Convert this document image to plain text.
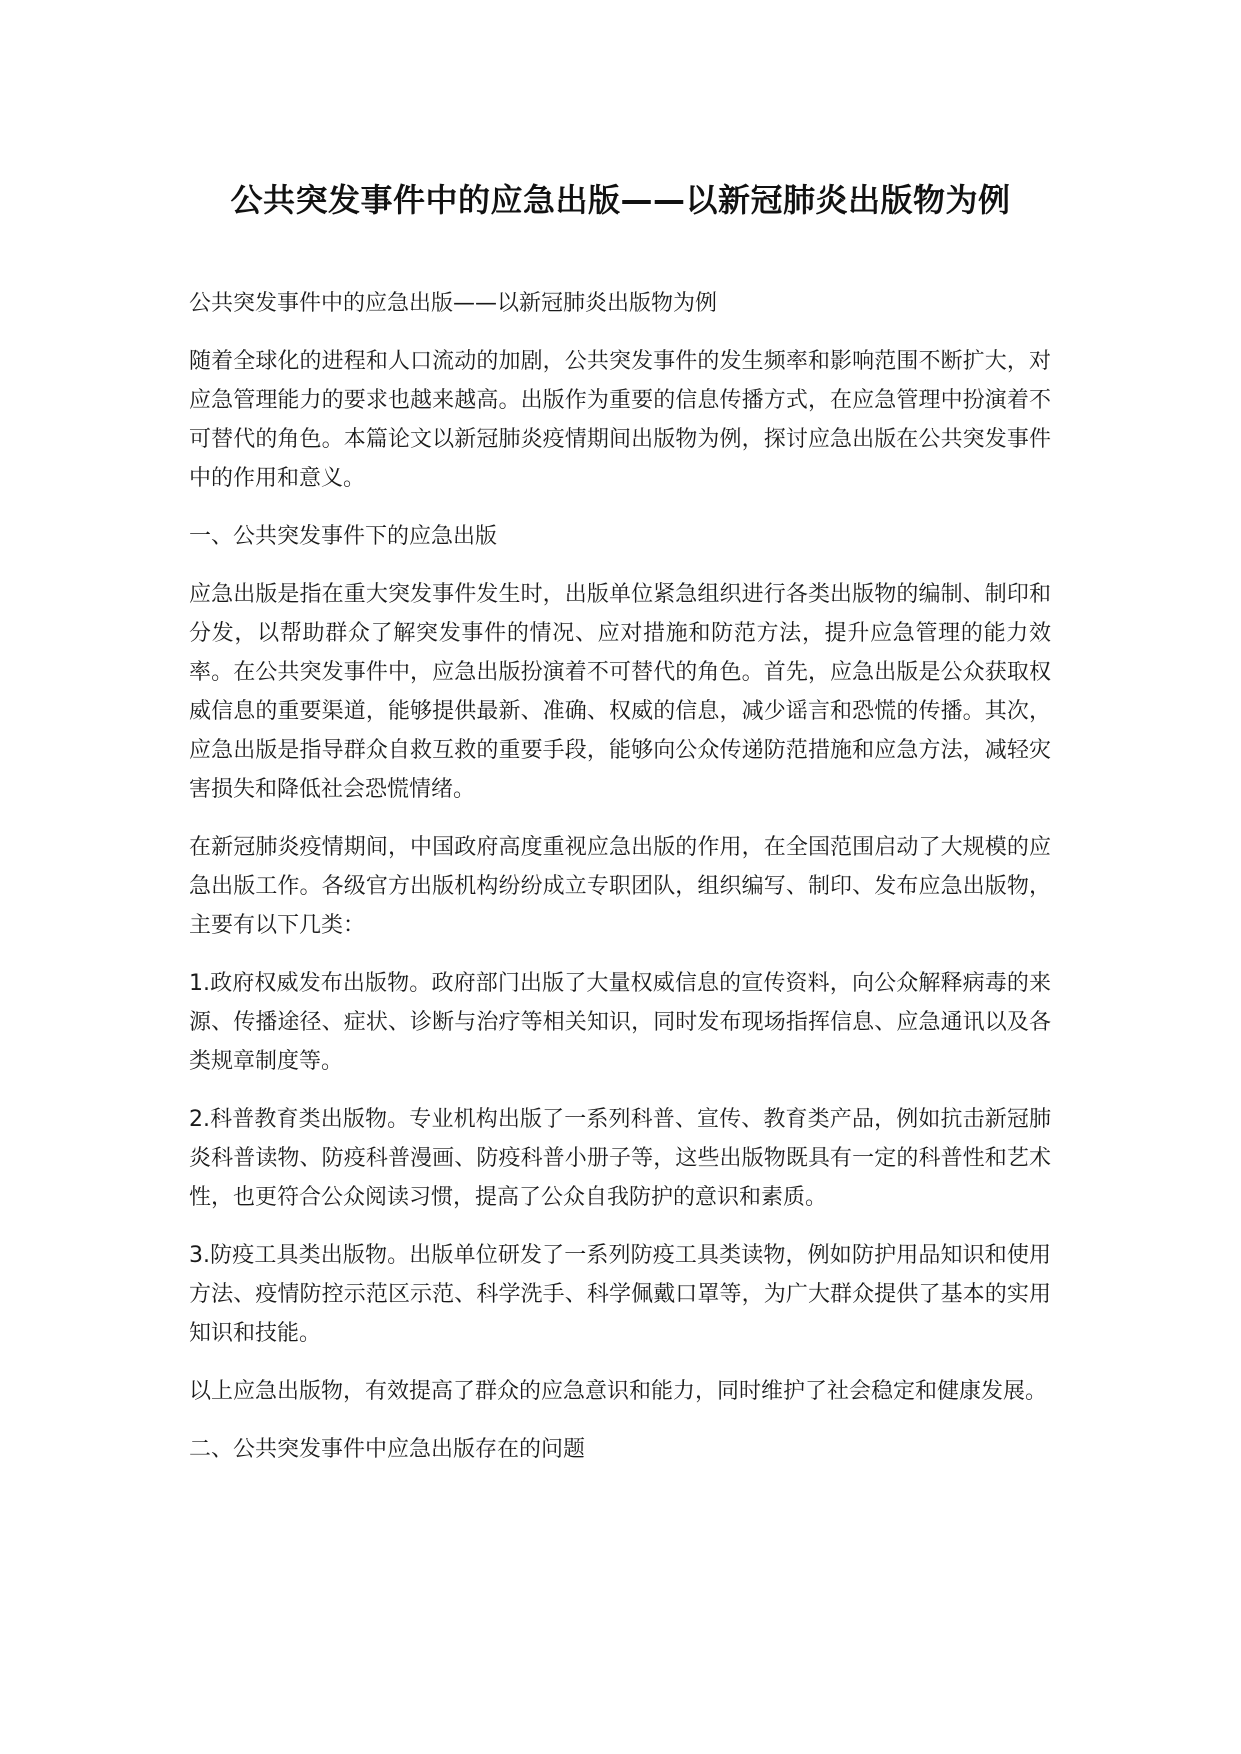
公共突发事件中的应急出版——以新冠肺炎出版物为例

公共突发事件中的应急出版——以新冠肺炎出版物为例

随着全球化的进程和人口流动的加剧，公共突发事件的发生频率和影响范围不断扩大，对应急管理能力的要求也越来越高。出版作为重要的信息传播方式，在应急管理中扮演着不可替代的角色。本篇论文以新冠肺炎疫情期间出版物为例，探讨应急出版在公共突发事件中的作用和意义。

一、公共突发事件下的应急出版

应急出版是指在重大突发事件发生时，出版单位紧急组织进行各类出版物的编制、制印和分发，以帮助群众了解突发事件的情况、应对措施和防范方法，提升应急管理的能力效率。在公共突发事件中，应急出版扮演着不可替代的角色。首先，应急出版是公众获取权威信息的重要渠道，能够提供最新、准确、权威的信息，减少谣言和恐慌的传播。其次，应急出版是指导群众自救互救的重要手段，能够向公众传递防范措施和应急方法，减轻灾害损失和降低社会恐慌情绪。

在新冠肺炎疫情期间，中国政府高度重视应急出版的作用，在全国范围启动了大规模的应急出版工作。各级官方出版机构纷纷成立专职团队，组织编写、制印、发布应急出版物，主要有以下几类：

1.政府权威发布出版物。政府部门出版了大量权威信息的宣传资料，向公众解释病毒的来源、传播途径、症状、诊断与治疗等相关知识，同时发布现场指挥信息、应急通讯以及各类规章制度等。

2.科普教育类出版物。专业机构出版了一系列科普、宣传、教育类产品，例如抗击新冠肺炎科普读物、防疫科普漫画、防疫科普小册子等，这些出版物既具有一定的科普性和艺术性，也更符合公众阅读习惯，提高了公众自我防护的意识和素质。

3.防疫工具类出版物。出版单位研发了一系列防疫工具类读物，例如防护用品知识和使用方法、疫情防控示范区示范、科学洗手、科学佩戴口罩等，为广大群众提供了基本的实用知识和技能。

以上应急出版物，有效提高了群众的应急意识和能力，同时维护了社会稳定和健康发展。

二、公共突发事件中应急出版存在的问题
